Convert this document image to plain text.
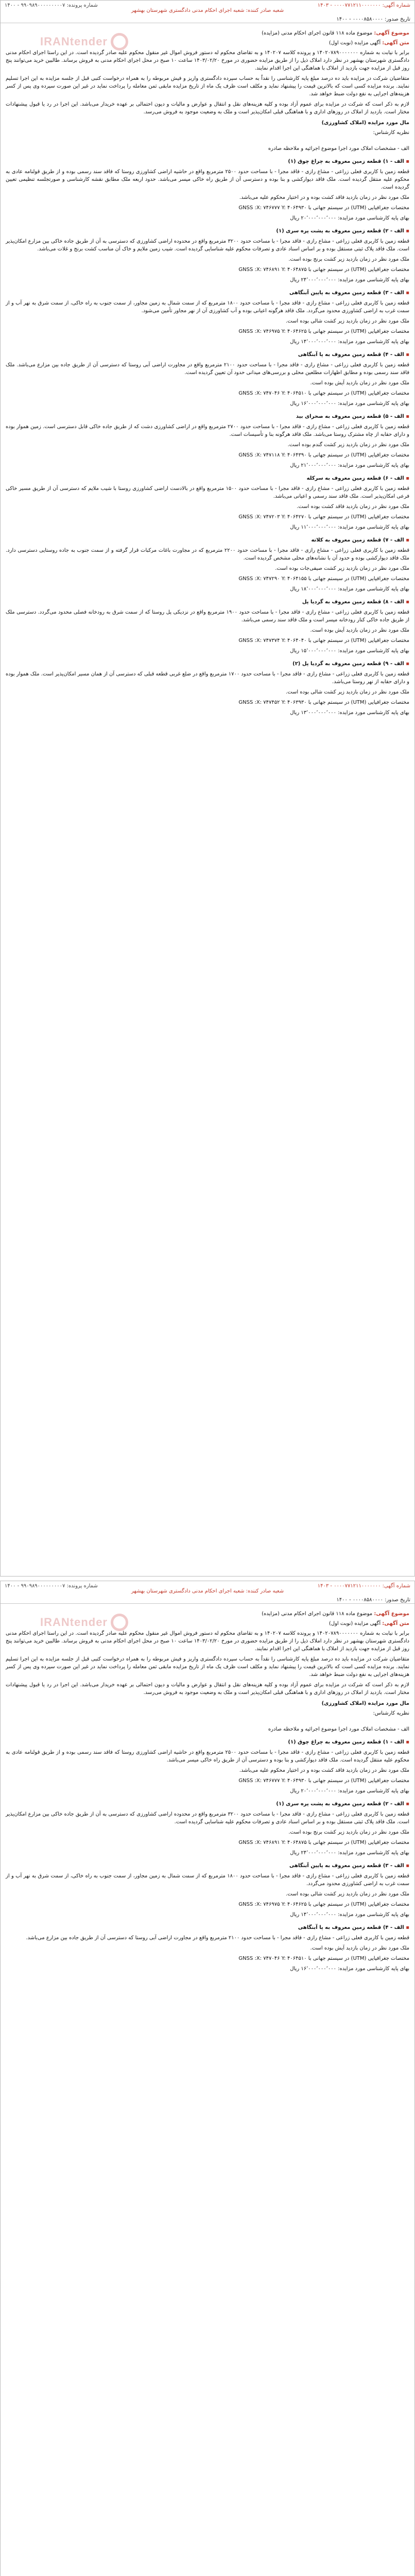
شماره آگهی: ۰۰۰۰۷۷۱۲۱۱۰۰۰۰۰۰۰ - ۱۴۰۳
شماره پرونده: ۹۹۰۹۸۹۰۰۰۰۰۰۰۰۰۷ - ۱۴۰۰
تاریخ صدور: ۰۰۰۰۸۵۸۰۰۰۰ - ۱۴۰۰
شعبه صادر کننده: شعبه اجرای احکام مدنی دادگستری شهرستان بهشهر
IRANtender
موضوع آگهی: موضوع ماده ۱۱۸ قانون اجرای احکام مدنی (مزایده)
متن آگهی: آگهی مزایده (نوبت اول)

برابر با نیابت به شماره ۱۴۰۲۰۷۸۹۰۰۰۰۰۰۰ و پرونده کلاسه ۱۴۰۲۰۷ و به تقاضای محکوم له دستور فروش اموال غیر منقول محکوم علیه صادر گردیده است. در این راستا اجرای احکام مدنی دادگستری شهرستان بهشهر در نظر دارد املاک ذیل را از طریق مزایده حضوری در مورخ ۱۴۰۳/۰۲/۲۰ ساعت ۱۰ صبح در محل اجرای احکام مدنی به فروش برساند. طالبین خرید می‌توانند پنج روز قبل از مزایده جهت بازدید از املاک با هماهنگی این اجرا اقدام نمایند.

متقاضیان شرکت در مزایده باید ده درصد مبلغ پایه کارشناسی را نقداً به حساب سپرده دادگستری واریز و فیش مربوطه را به همراه درخواست کتبی قبل از جلسه مزایده به این اجرا تسلیم نمایند. برنده مزایده کسی است که بالاترین قیمت را پیشنهاد نماید و مکلف است ظرف یک ماه از تاریخ مزایده مابقی ثمن معامله را پرداخت نماید در غیر این صورت سپرده وی پس از کسر هزینه‌های اجرایی به نفع دولت ضبط خواهد شد.

لازم به ذکر است که شرکت در مزایده برای عموم آزاد بوده و کلیه هزینه‌های نقل و انتقال و عوارض و مالیات و دیون احتمالی بر عهده خریدار می‌باشد. این اجرا در رد یا قبول پیشنهادات مختار است. بازدید از املاک در روزهای اداری و با هماهنگی قبلی امکان‌پذیر است و ملک به وضعیت موجود به فروش می‌رسد.

مال مورد مزایده (املاک کشاورزی)
نظریه کارشناس:
الف - مشخصات املاک مورد اجرا موضوع اجرائیه و ملاحظه صادره
▪ الف - ۱) قطعه زمین معروف به چراغ چوق (۱)

قطعه زمین با کاربری فعلی زراعی - مشاع رازی - فاقد مجرا - با مساحت حدود ۲۵۰۰ مترمربع واقع در حاشیه اراضی کشاورزی روستا که فاقد سند رسمی بوده و از طریق قولنامه عادی به محکوم علیه منتقل گردیده است. ملک فاقد دیوارکشی و بنا بوده و دسترسی آن از طریق راه خاکی میسر می‌باشد. حدود اربعه ملک مطابق نقشه کارشناسی و صورتجلسه تنظیمی تعیین گردیده است.

ملک مورد نظر در زمان بازدید فاقد کشت بوده و در اختیار محکوم علیه می‌باشد.

مختصات جغرافیایی (UTM) در سیستم جهانی با GNSS :X: ۷۴۶۷۷۷ Y: ۴۰۶۴۹۳۰

بهای پایه کارشناسی مورد مزایده: ۲۰٬۰۰۰٬۰۰۰٬۰۰۰ ریال

▪ الف - ۲) قطعه زمین معروف به پشت پره سری (۱)

قطعه زمین با کاربری فعلی زراعی - مشاع رازی - فاقد مجرا - با مساحت حدود ۳۲۰۰ مترمربع واقع در محدوده اراضی کشاورزی که دسترسی به آن از طریق جاده خاکی بین مزارع امکان‌پذیر است. ملک فاقد پلاک ثبتی مستقل بوده و بر اساس اسناد عادی و تصرفات محکوم علیه شناسایی گردیده است. شیب زمین ملایم و خاک آن مناسب کشت برنج و غلات می‌باشد.

ملک مورد نظر در زمان بازدید زیر کشت برنج بوده است.

مختصات جغرافیایی (UTM) در سیستم جهانی با GNSS :X: ۷۴۶۸۹۱ Y: ۴۰۶۴۸۷۵

بهای پایه کارشناسی مورد مزایده: ۲۴٬۰۰۰٬۰۰۰٬۰۰۰ ریال

▪ الف - ۳) قطعه زمین معروف به پایین آبنگاهی

قطعه زمین با کاربری فعلی زراعی - مشاع رازی - فاقد مجرا - با مساحت حدود ۱۸۰۰ مترمربع که از سمت شمال به زمین مجاور، از سمت جنوب به راه خاکی، از سمت شرق به نهر آب و از سمت غرب به اراضی کشاورزی محدود می‌گردد. ملک فاقد هرگونه اعیانی بوده و آب کشاورزی آن از نهر مجاور تأمین می‌شود.

ملک مورد نظر در زمان بازدید زیر کشت شالی بوده است.

مختصات جغرافیایی (UTM) در سیستم جهانی با GNSS :X: ۷۴۶۹۷۵ Y: ۴۰۶۴۶۲۵

بهای پایه کارشناسی مورد مزایده: ۱۴٬۰۰۰٬۰۰۰٬۰۰۰ ریال

▪ الف - ۴) قطعه زمین معروف به پا آبنگاهی

قطعه زمین با کاربری فعلی زراعی - مشاع رازی - فاقد مجرا - با مساحت حدود ۲۱۰۰ مترمربع واقع در مجاورت اراضی آبی روستا که دسترسی آن از طریق جاده بین مزارع می‌باشد. ملک فاقد سند رسمی بوده و مطابق اظهارات مطلعین محلی و بررسی‌های میدانی حدود آن تعیین گردیده است.

ملک مورد نظر در زمان بازدید آیش بوده است.

مختصات جغرافیایی (UTM) در سیستم جهانی با GNSS :X: ۷۴۷۰۴۶ Y: ۴۰۶۴۵۱۰

بهای پایه کارشناسی مورد مزایده: ۱۶٬۰۰۰٬۰۰۰٬۰۰۰ ریال

▪ الف - ۵) قطعه زمین معروف به صحرای بید

قطعه زمین با کاربری فعلی زراعی - مشاع رازی - فاقد مجرا - با مساحت حدود ۲۷۰۰ مترمربع واقع در اراضی کشاورزی دشت که از طریق جاده خاکی قابل دسترسی است. زمین هموار بوده و دارای حقابه از چاه مشترک روستا می‌باشد. ملک فاقد هرگونه بنا و تأسیسات است.

ملک مورد نظر در زمان بازدید زیر کشت گندم بوده است.

مختصات جغرافیایی (UTM) در سیستم جهانی با GNSS :X: ۷۴۷۱۱۸ Y: ۴۰۶۴۳۹۰

بهای پایه کارشناسی مورد مزایده: ۲۱٬۰۰۰٬۰۰۰٬۰۰۰ ریال

▪ الف - ۶) قطعه زمین معروف به سرکله

قطعه زمین با کاربری فعلی زراعی - مشاع رازی - فاقد مجرا - با مساحت حدود ۱۵۰۰ مترمربع واقع در بالادست اراضی کشاورزی روستا با شیب ملایم که دسترسی آن از طریق مسیر خاکی فرعی امکان‌پذیر است. ملک فاقد سند رسمی و اعیانی می‌باشد.

ملک مورد نظر در زمان بازدید فاقد کشت بوده است.

مختصات جغرافیایی (UTM) در سیستم جهانی با GNSS :X: ۷۴۷۲۰۳ Y: ۴۰۶۴۲۷۰

بهای پایه کارشناسی مورد مزایده: ۱۱٬۰۰۰٬۰۰۰٬۰۰۰ ریال

▪ الف - ۷) قطعه زمین معروف به کلاته

قطعه زمین با کاربری فعلی زراعی - مشاع رازی - فاقد مجرا - با مساحت حدود ۲۲۰۰ مترمربع که در مجاورت باغات مرکبات قرار گرفته و از سمت جنوب به جاده روستایی دسترسی دارد. ملک فاقد دیوارکشی بوده و حدود آن با نشانه‌های محلی مشخص گردیده است.

ملک مورد نظر در زمان بازدید زیر کشت صیفی‌جات بوده است.

مختصات جغرافیایی (UTM) در سیستم جهانی با GNSS :X: ۷۴۷۲۹۰ Y: ۴۰۶۴۱۵۵

بهای پایه کارشناسی مورد مزایده: ۱۸٬۰۰۰٬۰۰۰٬۰۰۰ ریال

▪ الف - ۸) قطعه زمین معروف به گردیا پل

قطعه زمین با کاربری فعلی زراعی - مشاع رازی - فاقد مجرا - با مساحت حدود ۱۹۰۰ مترمربع واقع در نزدیکی پل روستا که از سمت شرق به رودخانه فصلی محدود می‌گردد. دسترسی ملک از طریق جاده خاکی کنار رودخانه میسر است و ملک فاقد سند رسمی می‌باشد.

ملک مورد نظر در زمان بازدید آیش بوده است.

مختصات جغرافیایی (UTM) در سیستم جهانی با GNSS :X: ۷۴۷۳۷۴ Y: ۴۰۶۴۰۴۰

بهای پایه کارشناسی مورد مزایده: ۱۵٬۰۰۰٬۰۰۰٬۰۰۰ ریال

▪ الف - ۹) قطعه زمین معروف به گردیا پل (۲)

قطعه زمین با کاربری فعلی زراعی - مشاع رازی - فاقد مجرا - با مساحت حدود ۱۷۰۰ مترمربع واقع در ضلع غربی قطعه قبلی که دسترسی آن از همان مسیر امکان‌پذیر است. ملک هموار بوده و دارای حقابه از نهر روستا می‌باشد.

ملک مورد نظر در زمان بازدید زیر کشت شالی بوده است.

مختصات جغرافیایی (UTM) در سیستم جهانی با GNSS :X: ۷۴۷۴۵۲ Y: ۴۰۶۳۹۳۰

بهای پایه کارشناسی مورد مزایده: ۱۳٬۰۰۰٬۰۰۰٬۰۰۰ ریال

شماره آگهی: ۰۰۰۰۷۷۱۲۱۱۰۰۰۰۰۰۰ - ۱۴۰۳
شماره پرونده: ۹۹۰۹۸۹۰۰۰۰۰۰۰۰۰۷ - ۱۴۰۰
تاریخ صدور: ۰۰۰۰۸۵۸۰۰۰۰ - ۱۴۰۰
شعبه صادر کننده: شعبه اجرای احکام مدنی دادگستری شهرستان بهشهر
IRANtender
موضوع آگهی: موضوع ماده ۱۱۸ قانون اجرای احکام مدنی (مزایده)
متن آگهی: آگهی مزایده (نوبت اول)

برابر با نیابت به شماره ۱۴۰۲۰۷۸۹۰۰۰۰۰۰۰ و پرونده کلاسه ۱۴۰۲۰۷ و به تقاضای محکوم له دستور فروش اموال غیر منقول محکوم علیه صادر گردیده است. در این راستا اجرای احکام مدنی دادگستری شهرستان بهشهر در نظر دارد املاک ذیل را از طریق مزایده حضوری در مورخ ۱۴۰۳/۰۲/۲۰ ساعت ۱۰ صبح در محل اجرای احکام مدنی به فروش برساند. طالبین خرید می‌توانند پنج روز قبل از مزایده جهت بازدید از املاک با هماهنگی این اجرا اقدام نمایند.

متقاضیان شرکت در مزایده باید ده درصد مبلغ پایه کارشناسی را نقداً به حساب سپرده دادگستری واریز و فیش مربوطه را به همراه درخواست کتبی قبل از جلسه مزایده به این اجرا تسلیم نمایند. برنده مزایده کسی است که بالاترین قیمت را پیشنهاد نماید و مکلف است ظرف یک ماه از تاریخ مزایده مابقی ثمن معامله را پرداخت نماید در غیر این صورت سپرده وی پس از کسر هزینه‌های اجرایی به نفع دولت ضبط خواهد شد.

لازم به ذکر است که شرکت در مزایده برای عموم آزاد بوده و کلیه هزینه‌های نقل و انتقال و عوارض و مالیات و دیون احتمالی بر عهده خریدار می‌باشد. این اجرا در رد یا قبول پیشنهادات مختار است. بازدید از املاک در روزهای اداری و با هماهنگی قبلی امکان‌پذیر است و ملک به وضعیت موجود به فروش می‌رسد.

مال مورد مزایده (املاک کشاورزی)
نظریه کارشناس:
الف - مشخصات املاک مورد اجرا موضوع اجرائیه و ملاحظه صادره
▪ الف - ۱) قطعه زمین معروف به چراغ چوق (۱)

قطعه زمین با کاربری فعلی زراعی - مشاع رازی - فاقد مجرا - با مساحت حدود ۲۵۰۰ مترمربع واقع در حاشیه اراضی کشاورزی روستا که فاقد سند رسمی بوده و از طریق قولنامه عادی به محکوم علیه منتقل گردیده است. ملک فاقد دیوارکشی و بنا بوده و دسترسی آن از طریق راه خاکی میسر می‌باشد.

ملک مورد نظر در زمان بازدید فاقد کشت بوده و در اختیار محکوم علیه می‌باشد.

مختصات جغرافیایی (UTM) در سیستم جهانی با GNSS :X: ۷۴۶۷۷۷ Y: ۴۰۶۴۹۳۰

بهای پایه کارشناسی مورد مزایده: ۲۰٬۰۰۰٬۰۰۰٬۰۰۰ ریال

▪ الف - ۲) قطعه زمین معروف به پشت پره سری (۱)

قطعه زمین با کاربری فعلی زراعی - مشاع رازی - فاقد مجرا - با مساحت حدود ۳۲۰۰ مترمربع واقع در محدوده اراضی کشاورزی که دسترسی به آن از طریق جاده خاکی بین مزارع امکان‌پذیر است. ملک فاقد پلاک ثبتی مستقل بوده و بر اساس اسناد عادی و تصرفات محکوم علیه شناسایی گردیده است.

ملک مورد نظر در زمان بازدید زیر کشت برنج بوده است.

مختصات جغرافیایی (UTM) در سیستم جهانی با GNSS :X: ۷۴۶۸۹۱ Y: ۴۰۶۴۸۷۵

بهای پایه کارشناسی مورد مزایده: ۲۴٬۰۰۰٬۰۰۰٬۰۰۰ ریال

▪ الف - ۳) قطعه زمین معروف به پایین آبنگاهی

قطعه زمین با کاربری فعلی زراعی - مشاع رازی - فاقد مجرا - با مساحت حدود ۱۸۰۰ مترمربع که از سمت شمال به زمین مجاور، از سمت جنوب به راه خاکی، از سمت شرق به نهر آب و از سمت غرب به اراضی کشاورزی محدود می‌گردد.

ملک مورد نظر در زمان بازدید زیر کشت شالی بوده است.

مختصات جغرافیایی (UTM) در سیستم جهانی با GNSS :X: ۷۴۶۹۷۵ Y: ۴۰۶۴۶۲۵

بهای پایه کارشناسی مورد مزایده: ۱۴٬۰۰۰٬۰۰۰٬۰۰۰ ریال

▪ الف - ۴) قطعه زمین معروف به پا آبنگاهی

قطعه زمین با کاربری فعلی زراعی - مشاع رازی - فاقد مجرا - با مساحت حدود ۲۱۰۰ مترمربع واقع در مجاورت اراضی آبی روستا که دسترسی آن از طریق جاده بین مزارع می‌باشد.

ملک مورد نظر در زمان بازدید آیش بوده است.

مختصات جغرافیایی (UTM) در سیستم جهانی با GNSS :X: ۷۴۷۰۴۶ Y: ۴۰۶۴۵۱۰

بهای پایه کارشناسی مورد مزایده: ۱۶٬۰۰۰٬۰۰۰٬۰۰۰ ریال
